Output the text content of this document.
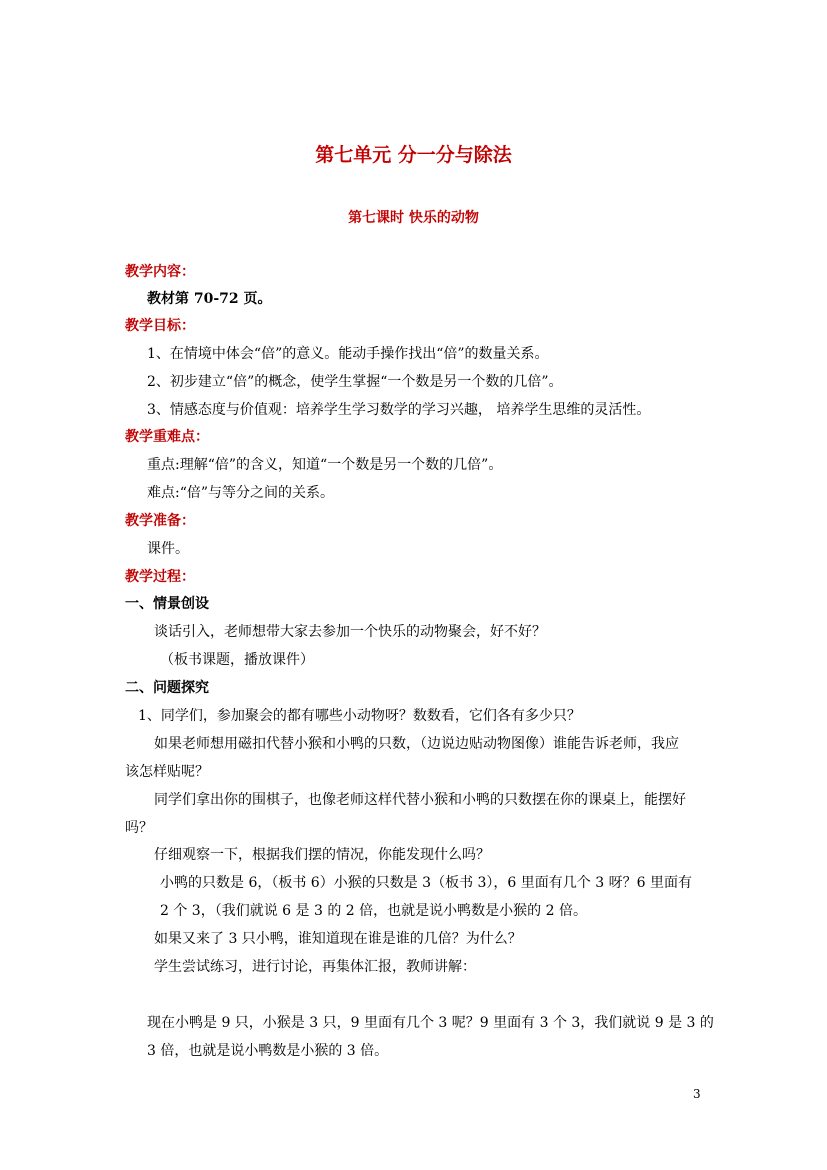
第七单元 分一分与除法
第七课时 快乐的动物
教学内容：
教材第 70-72 页。
教学目标：
1、在情境中体会“倍”的意义。能动手操作找出“倍”的数量关系。
2、初步建立“倍”的概念，使学生掌握“一个数是另一个数的几倍”。
3、情感态度与价值观：培养学生学习数学的学习兴趣， 培养学生思维的灵活性。
教学重难点：
重点:理解“倍”的含义，知道“一个数是另一个数的几倍”。
难点:“倍”与等分之间的关系。
教学准备：
课件。
教学过程：
一、情景创设
谈话引入，老师想带大家去参加一个快乐的动物聚会，好不好？
（板书课题，播放课件）
二、问题探究
1、同学们，参加聚会的都有哪些小动物呀？数数看，它们各有多少只？
如果老师想用磁扣代替小猴和小鸭的只数，（边说边贴动物图像）谁能告诉老师，我应
该怎样贴呢？
同学们拿出你的围棋子，也像老师这样代替小猴和小鸭的只数摆在你的课桌上，能摆好
吗？
仔细观察一下，根据我们摆的情况，你能发现什么吗？
小鸭的只数是 6，（板书 6）小猴的只数是 3（板书 3），6 里面有几个 3 呀？6 里面有
2 个 3，（我们就说 6 是 3 的 2 倍，也就是说小鸭数是小猴的 2 倍。
如果又来了 3 只小鸭，谁知道现在谁是谁的几倍？为什么？
学生尝试练习，进行讨论，再集体汇报，教师讲解：
现在小鸭是 9 只，小猴是 3 只，9 里面有几个 3 呢？9 里面有 3 个 3，我们就说 9 是 3 的
3 倍，也就是说小鸭数是小猴的 3 倍。
3
